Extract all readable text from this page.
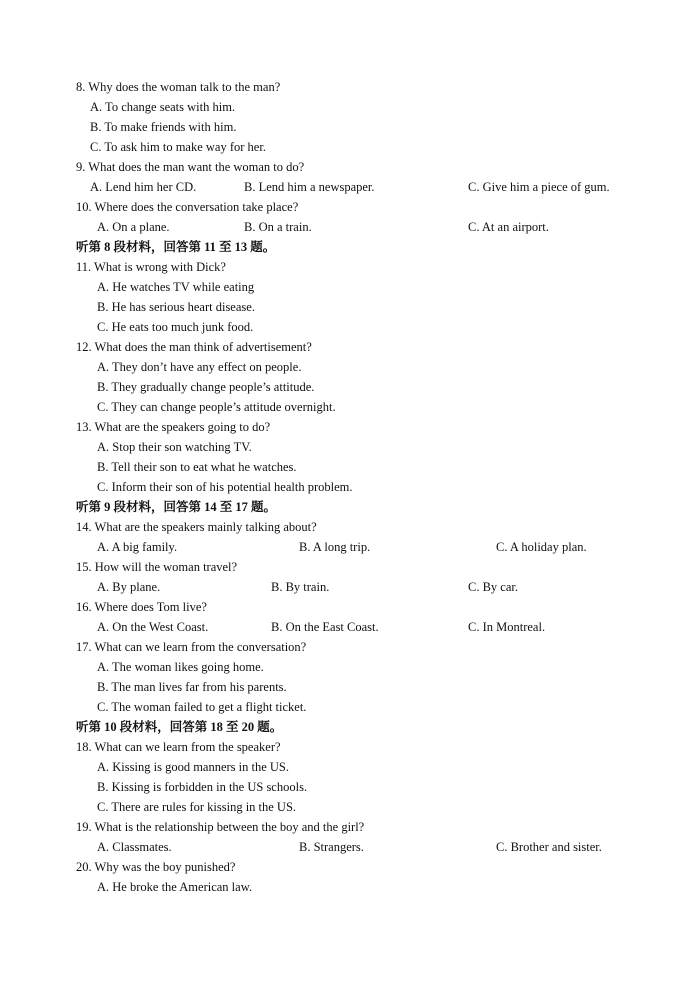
8. Why does the woman talk to the man?
A. To change seats with him.
B. To make friends with him.
C. To ask him to make way for her.
9. What does the man want the woman to do?
A. Lend him her CD.	B. Lend him a newspaper.	C. Give him a piece of gum.
10. Where does the conversation take place?
A. On a plane.	B. On a train.	C. At an airport.
听第 8 段材料，回答第 11 至 13 题。
11. What is wrong with Dick?
A. He watches TV while eating
B. He has serious heart disease.
C. He eats too much junk food.
12. What does the man think of advertisement?
A. They don’t have any effect on people.
B. They gradually change people’s attitude.
C. They can change people’s attitude overnight.
13. What are the speakers going to do?
A. Stop their son watching TV.
B. Tell their son to eat what he watches.
C. Inform their son of his potential health problem.
听第 9 段材料，回答第 14 至 17 题。
14. What are the speakers mainly talking about?
A. A big family.	B. A long trip.	C. A holiday plan.
15. How will the woman travel?
A. By plane.	B. By train.	C. By car.
16. Where does Tom live?
A. On the West Coast.	B. On the East Coast.	C. In Montreal.
17. What can we learn from the conversation?
A. The woman likes going home.
B. The man lives far from his parents.
C. The woman failed to get a flight ticket.
听第 10 段材料，回答第 18 至 20 题。
18. What can we learn from the speaker?
A. Kissing is good manners in the US.
B. Kissing is forbidden in the US schools.
C. There are rules for kissing in the US.
19. What is the relationship between the boy and the girl?
A. Classmates.	B. Strangers.	C. Brother and sister.
20. Why was the boy punished?
A. He broke the American law.
